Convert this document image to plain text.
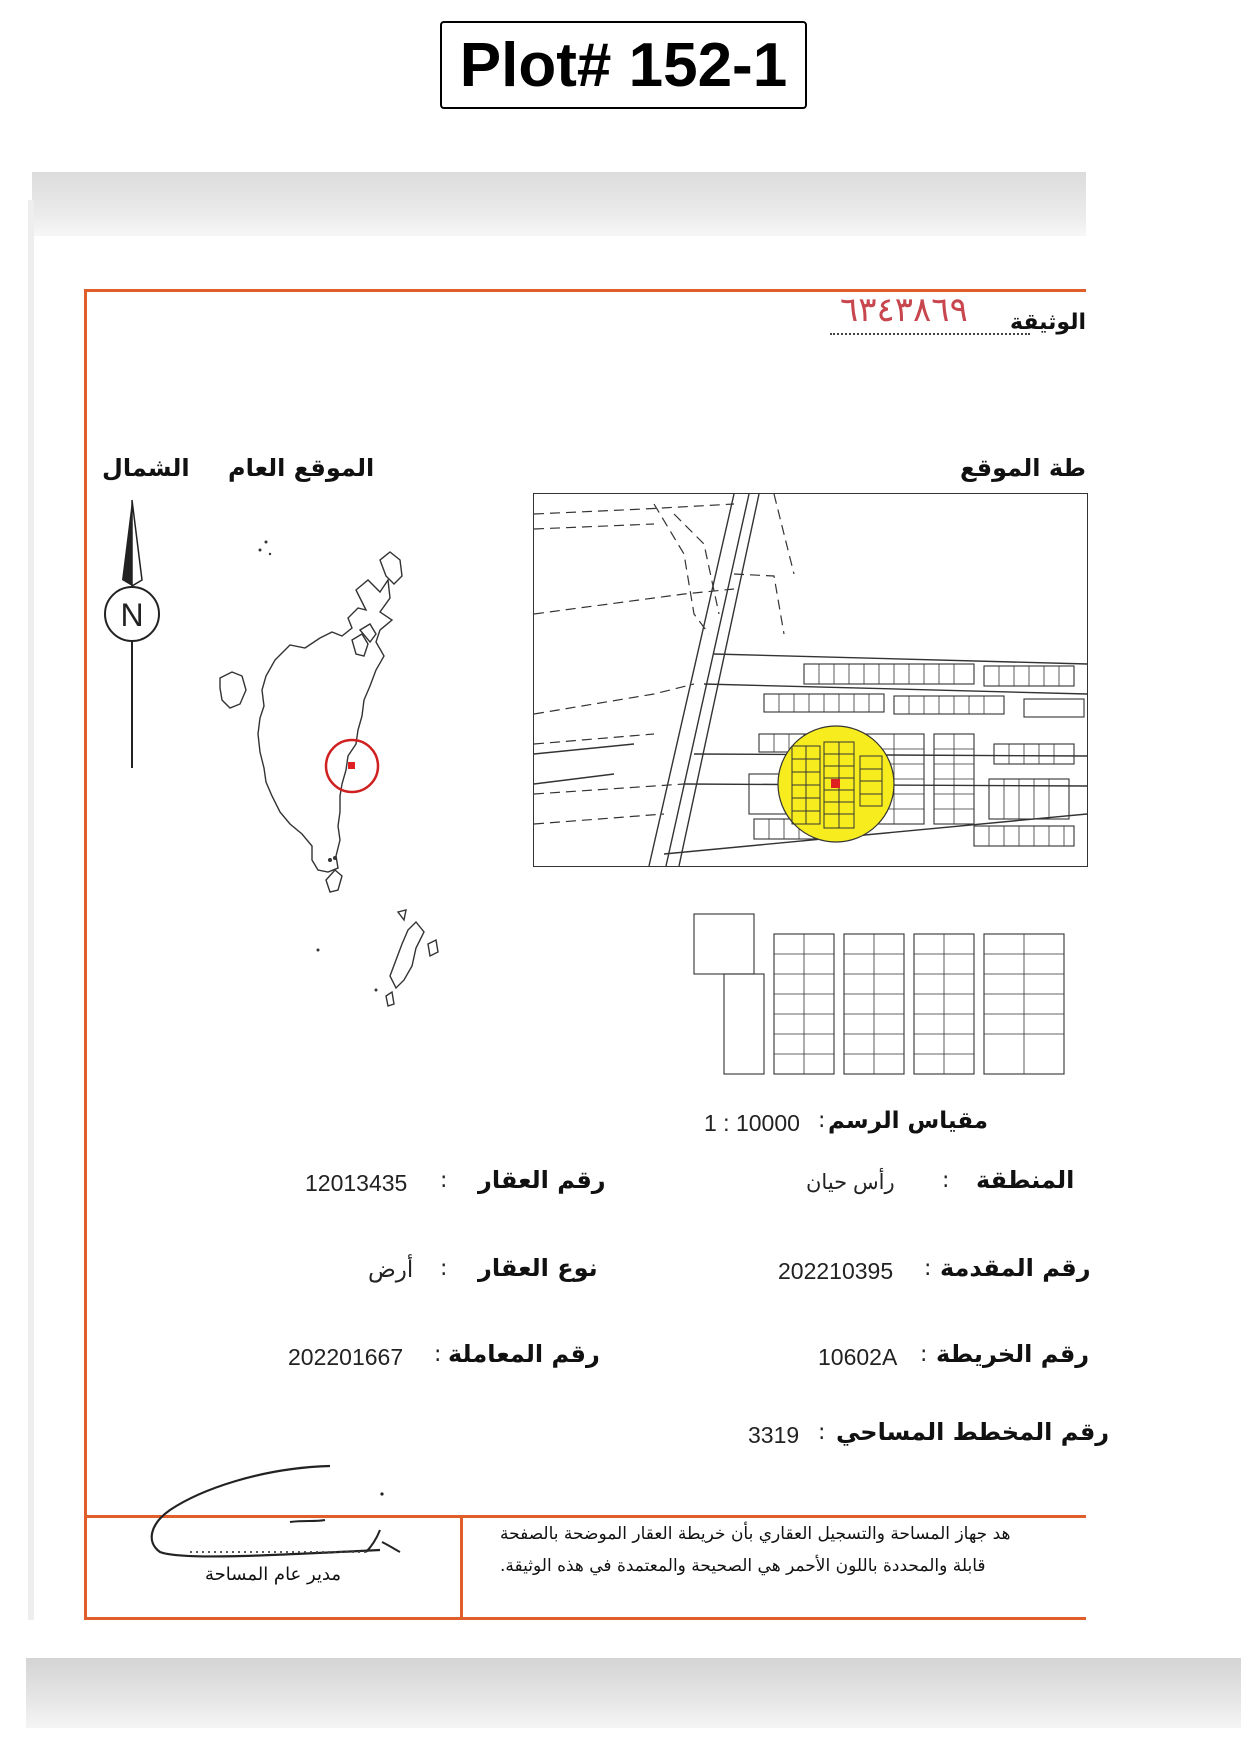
Plot# 152-1
الوثيقة
٦٣٤٣٨٦٩
الشمال الموقع العام	ط‍ة الموقع
N
مقياس الرسم
:
1 : 10000
رقم العقار
:
12013435
نوع العقار
:
أرض
رقم المعاملة
:
202201667
المنطقة
:
رأس حيان
رقم المقدمة
:
202210395
رقم الخريطة
:
10602A
رقم المخطط المساحي
:
3319
مدير عام المساحة
هد جهاز المساحة والتسجيل العقاري بأن خريطة العقار الموضحة بالصفحة
قابلة والمحددة باللون الأحمر هي الصحيحة والمعتمدة في هذه الوثيقة.
